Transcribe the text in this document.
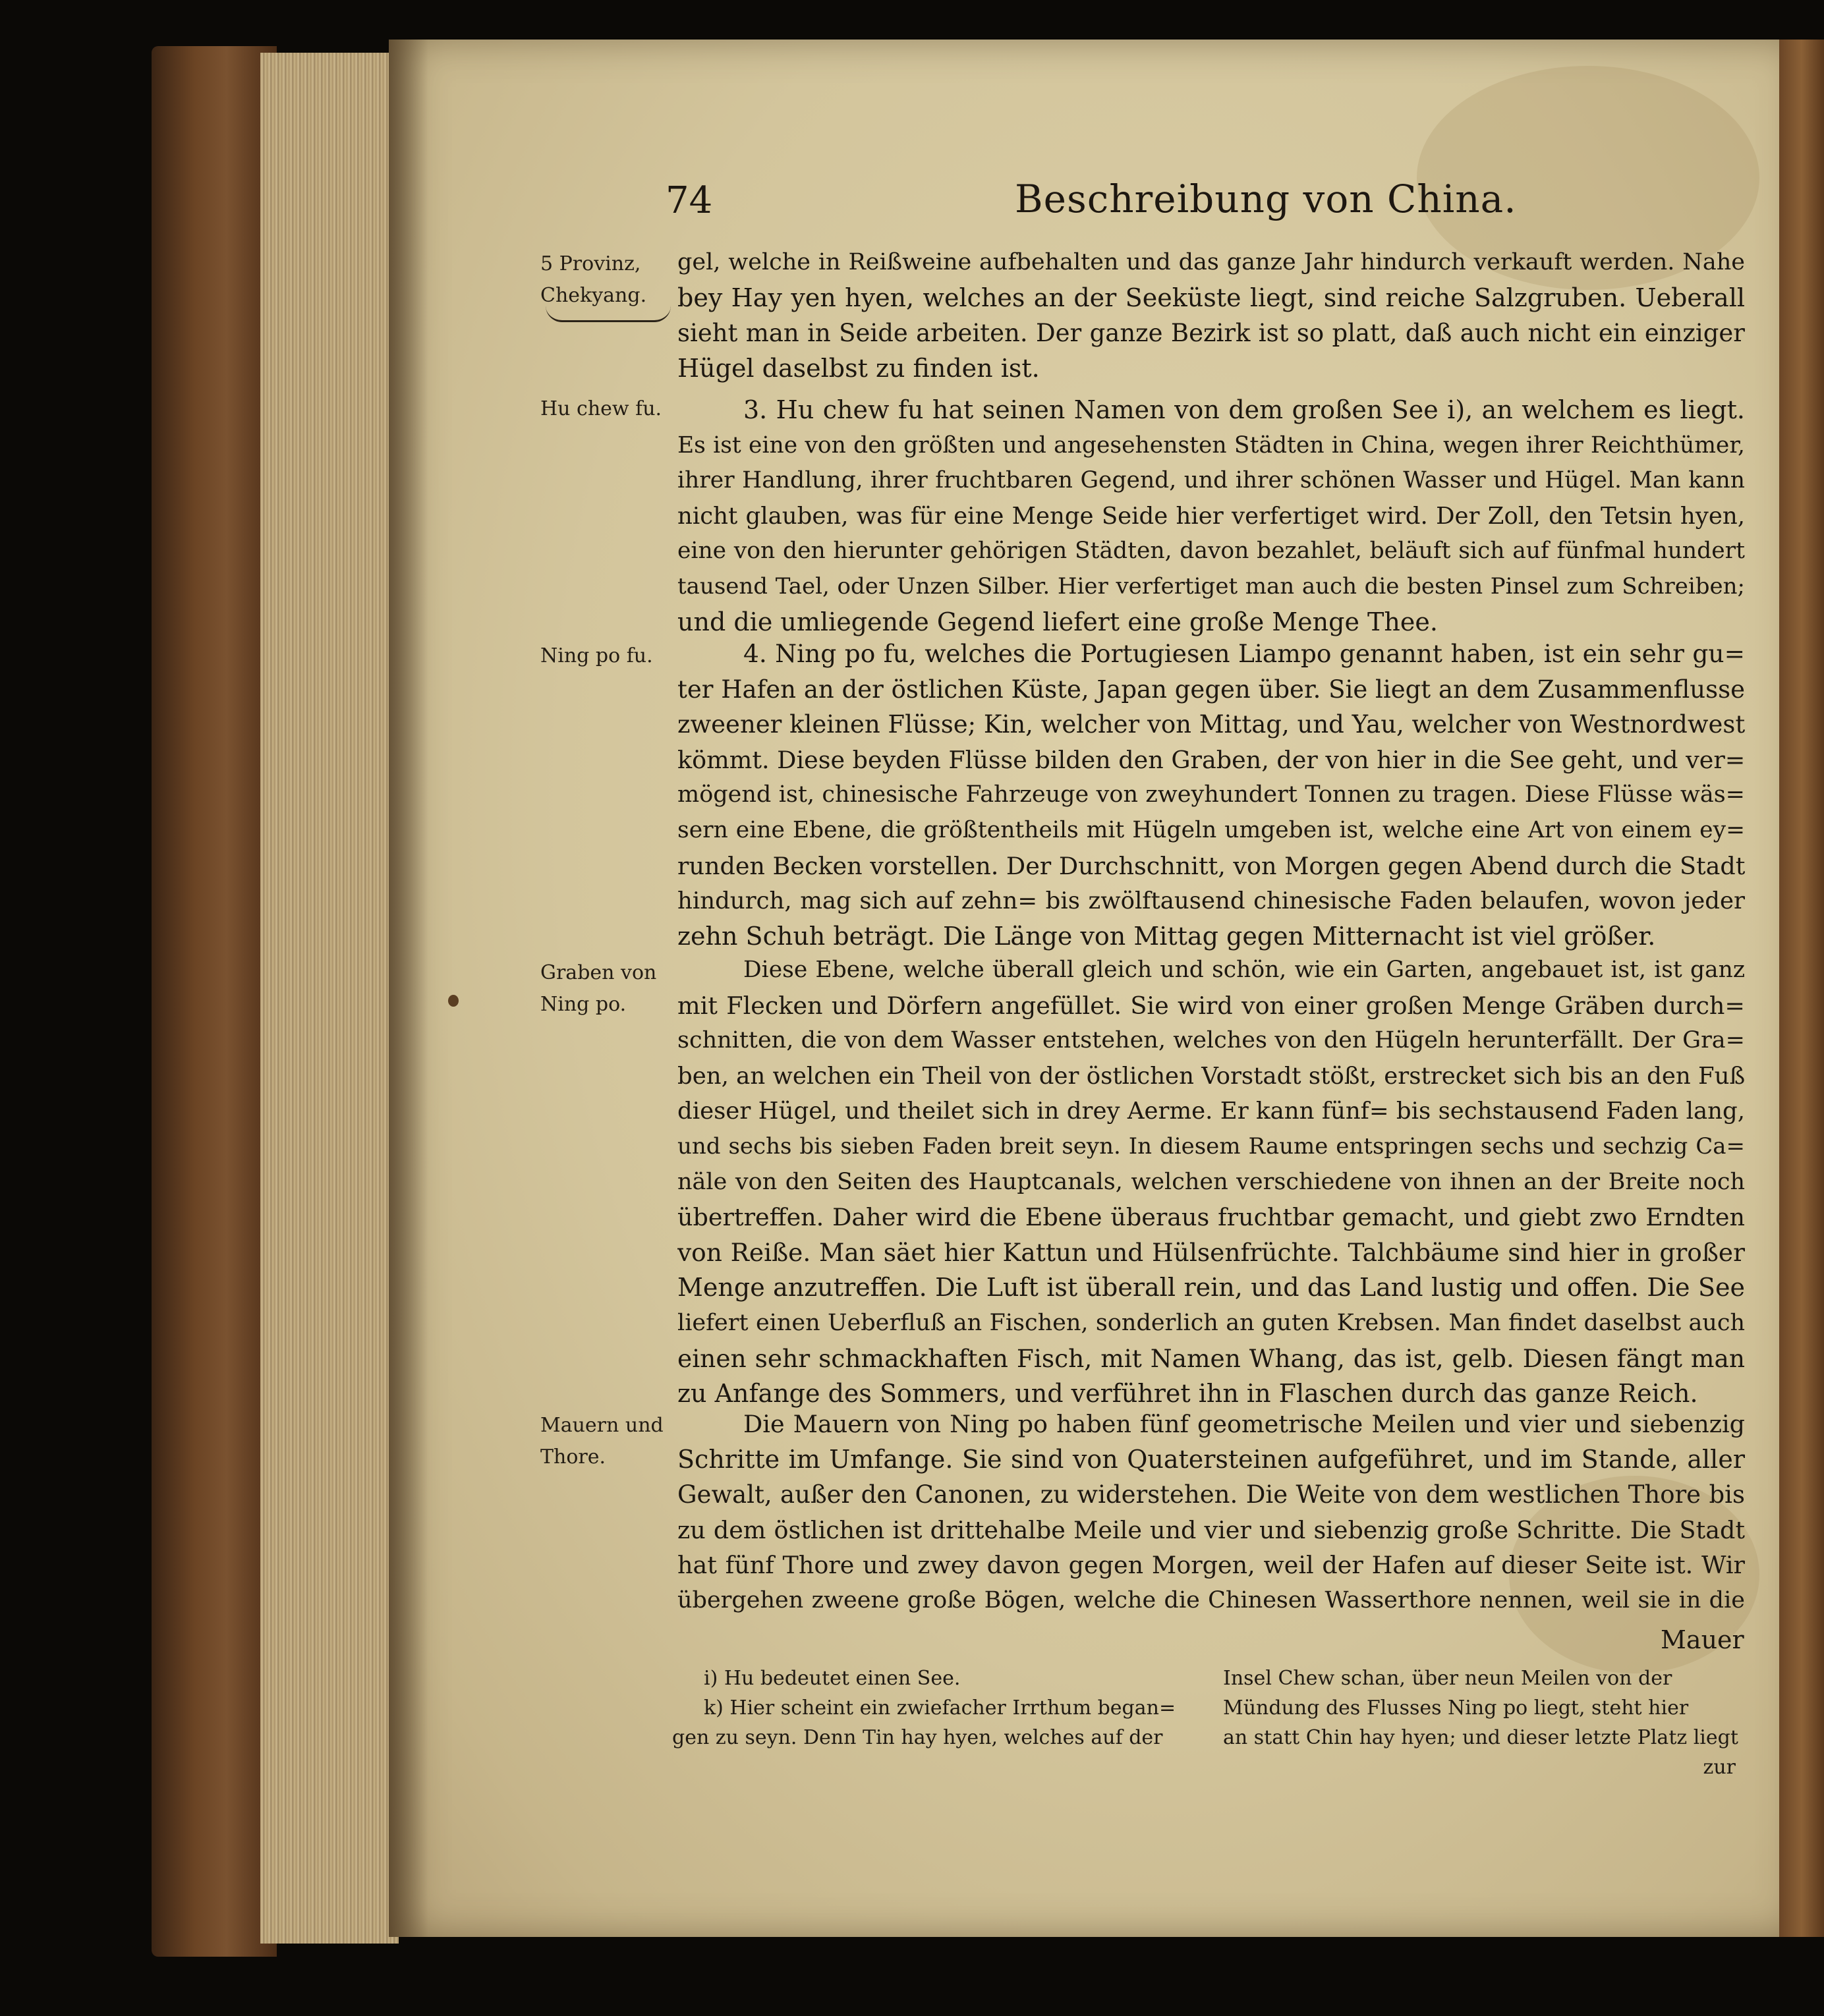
74	Beschreibung von China.
5 Provinz, Chekyang.
Hu chew fu.
Ning po fu.
Graben von Ning po.
Mauern und Thore.
gel, welche in Reißweine aufbehalten und das ganze Jahr hindurch verkauft werden. Nahe
bey Hay yen hyen, welches an der Seeküste liegt, sind reiche Salzgruben. Ueberall
sieht man in Seide arbeiten. Der ganze Bezirk ist so platt, daß auch nicht ein einziger
Hügel daselbst zu finden ist.
3. Hu chew fu hat seinen Namen von dem großen See i), an welchem es liegt.
Es ist eine von den größten und angesehensten Städten in China, wegen ihrer Reichthümer,
ihrer Handlung, ihrer fruchtbaren Gegend, und ihrer schönen Wasser und Hügel. Man kann
nicht glauben, was für eine Menge Seide hier verfertiget wird. Der Zoll, den Tetsin hyen,
eine von den hierunter gehörigen Städten, davon bezahlet, beläuft sich auf fünfmal hundert
tausend Tael, oder Unzen Silber. Hier verfertiget man auch die besten Pinsel zum Schreiben;
und die umliegende Gegend liefert eine große Menge Thee.
4. Ning po fu, welches die Portugiesen Liampo genannt haben, ist ein sehr gu=
ter Hafen an der östlichen Küste, Japan gegen über. Sie liegt an dem Zusammenflusse
zweener kleinen Flüsse; Kin, welcher von Mittag, und Yau, welcher von Westnordwest
kömmt. Diese beyden Flüsse bilden den Graben, der von hier in die See geht, und ver=
mögend ist, chinesische Fahrzeuge von zweyhundert Tonnen zu tragen. Diese Flüsse wäs=
sern eine Ebene, die größtentheils mit Hügeln umgeben ist, welche eine Art von einem ey=
runden Becken vorstellen. Der Durchschnitt, von Morgen gegen Abend durch die Stadt
hindurch, mag sich auf zehn= bis zwölftausend chinesische Faden belaufen, wovon jeder
zehn Schuh beträgt. Die Länge von Mittag gegen Mitternacht ist viel größer.
Diese Ebene, welche überall gleich und schön, wie ein Garten, angebauet ist, ist ganz
mit Flecken und Dörfern angefüllet. Sie wird von einer großen Menge Gräben durch=
schnitten, die von dem Wasser entstehen, welches von den Hügeln herunterfällt. Der Gra=
ben, an welchen ein Theil von der östlichen Vorstadt stößt, erstrecket sich bis an den Fuß
dieser Hügel, und theilet sich in drey Aerme. Er kann fünf= bis sechstausend Faden lang,
und sechs bis sieben Faden breit seyn. In diesem Raume entspringen sechs und sechzig Ca=
näle von den Seiten des Hauptcanals, welchen verschiedene von ihnen an der Breite noch
übertreffen. Daher wird die Ebene überaus fruchtbar gemacht, und giebt zwo Erndten
von Reiße. Man säet hier Kattun und Hülsenfrüchte. Talchbäume sind hier in großer
Menge anzutreffen. Die Luft ist überall rein, und das Land lustig und offen. Die See
liefert einen Ueberfluß an Fischen, sonderlich an guten Krebsen. Man findet daselbst auch
einen sehr schmackhaften Fisch, mit Namen Whang, das ist, gelb. Diesen fängt man
zu Anfange des Sommers, und verführet ihn in Flaschen durch das ganze Reich.
Die Mauern von Ning po haben fünf geometrische Meilen und vier und siebenzig
Schritte im Umfange. Sie sind von Quatersteinen aufgeführet, und im Stande, aller
Gewalt, außer den Canonen, zu widerstehen. Die Weite von dem westlichen Thore bis
zu dem östlichen ist drittehalbe Meile und vier und siebenzig große Schritte. Die Stadt
hat fünf Thore und zwey davon gegen Morgen, weil der Hafen auf dieser Seite ist. Wir
übergehen zweene große Bögen, welche die Chinesen Wasserthore nennen, weil sie in die
Mauer
i) Hu bedeutet einen See.
k) Hier scheint ein zwiefacher Irrthum began=
gen zu seyn. Denn Tin hay hyen, welches auf der
Insel Chew schan, über neun Meilen von der
Mündung des Flusses Ning po liegt, steht hier
an statt Chin hay hyen; und dieser letzte Platz liegt
zur
